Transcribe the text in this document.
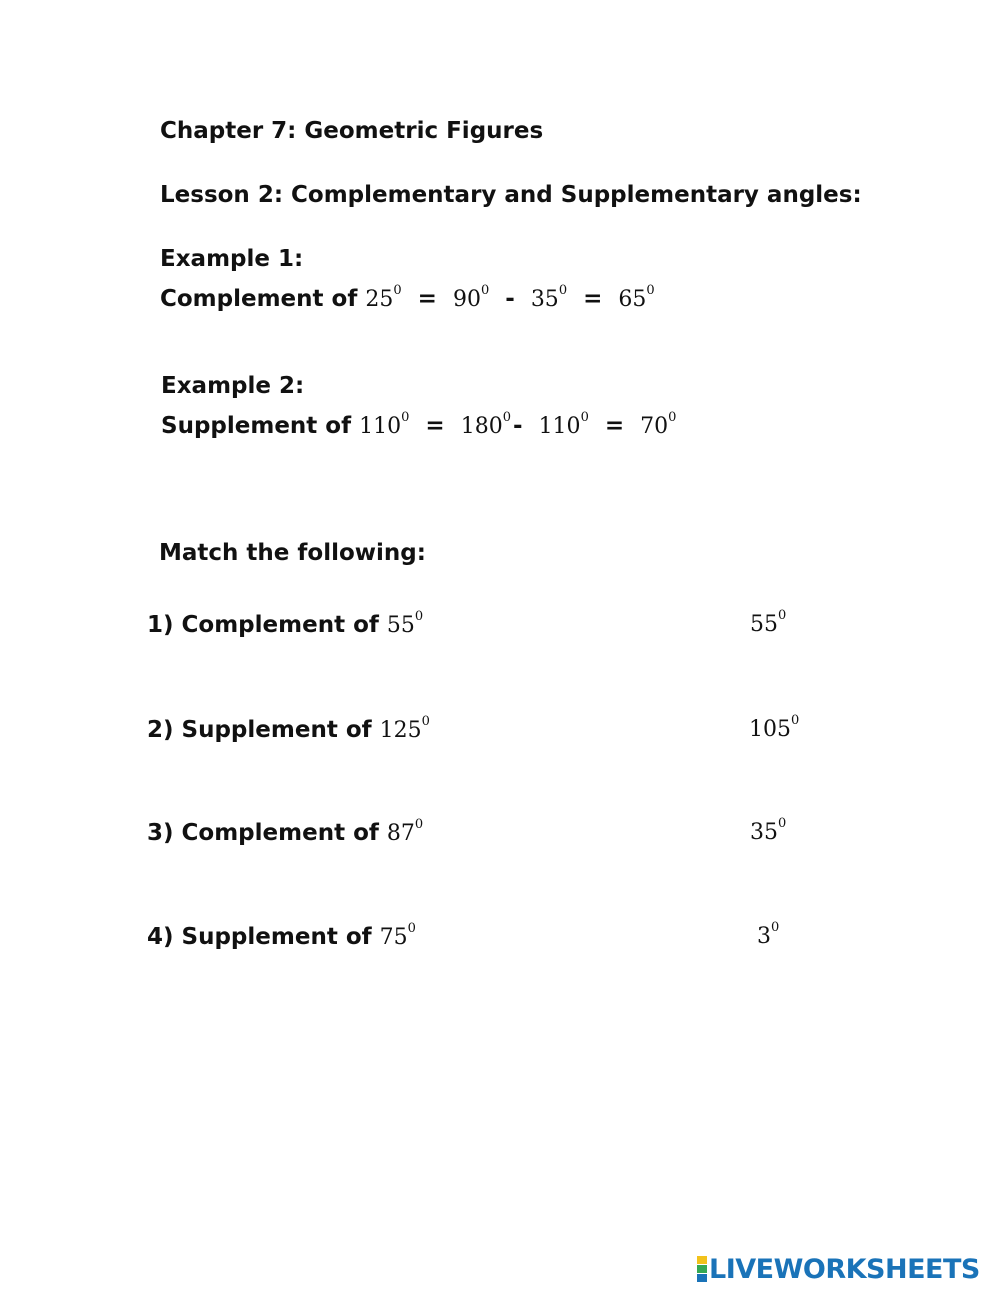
Chapter 7: Geometric Figures
Lesson 2: Complementary and Supplementary angles:
Example 1:
Complement of $25^0 = 90^0 - 35^0 = 65^0$
Example 2:
Supplement of $110^0 = 180^0-$ $110^0 = 70^0$
Match the following:
1) Complement of $55^0$
2) Supplement of $125^0$
3) Complement of $87^0$
4) Supplement of $75^0$
$55^0$
$105^0$
$35^0$
$3^0$
LIVEWORKSHEETS
